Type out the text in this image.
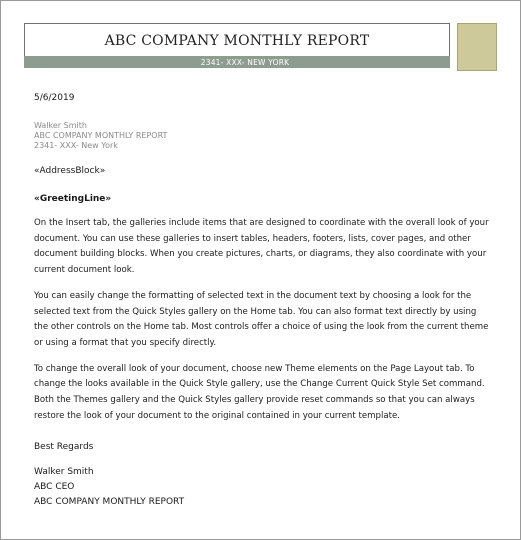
ABC COMPANY MONTHLY REPORT
2341- XXX- NEW YORK
5/6/2019
Walker Smith
ABC COMPANY MONTHLY REPORT
2341- XXX- New York
«AddressBlock»
«GreetingLine»

On the Insert tab, the galleries include items that are designed to coordinate with the overall look of your document. You can use these galleries to insert tables, headers, footers, lists, cover pages, and other document building blocks. When you create pictures, charts, or diagrams, they also coordinate with your current document look.

You can easily change the formatting of selected text in the document text by choosing a look for the selected text from the Quick Styles gallery on the Home tab. You can also format text directly by using the other controls on the Home tab. Most controls offer a choice of using the look from the current theme or using a format that you specify directly.

To change the overall look of your document, choose new Theme elements on the Page Layout tab. To change the looks available in the Quick Style gallery, use the Change Current Quick Style Set command. Both the Themes gallery and the Quick Styles gallery provide reset commands so that you can always restore the look of your document to the original contained in your current template.

Best Regards
Walker Smith
ABC CEO
ABC COMPANY MONTHLY REPORT
